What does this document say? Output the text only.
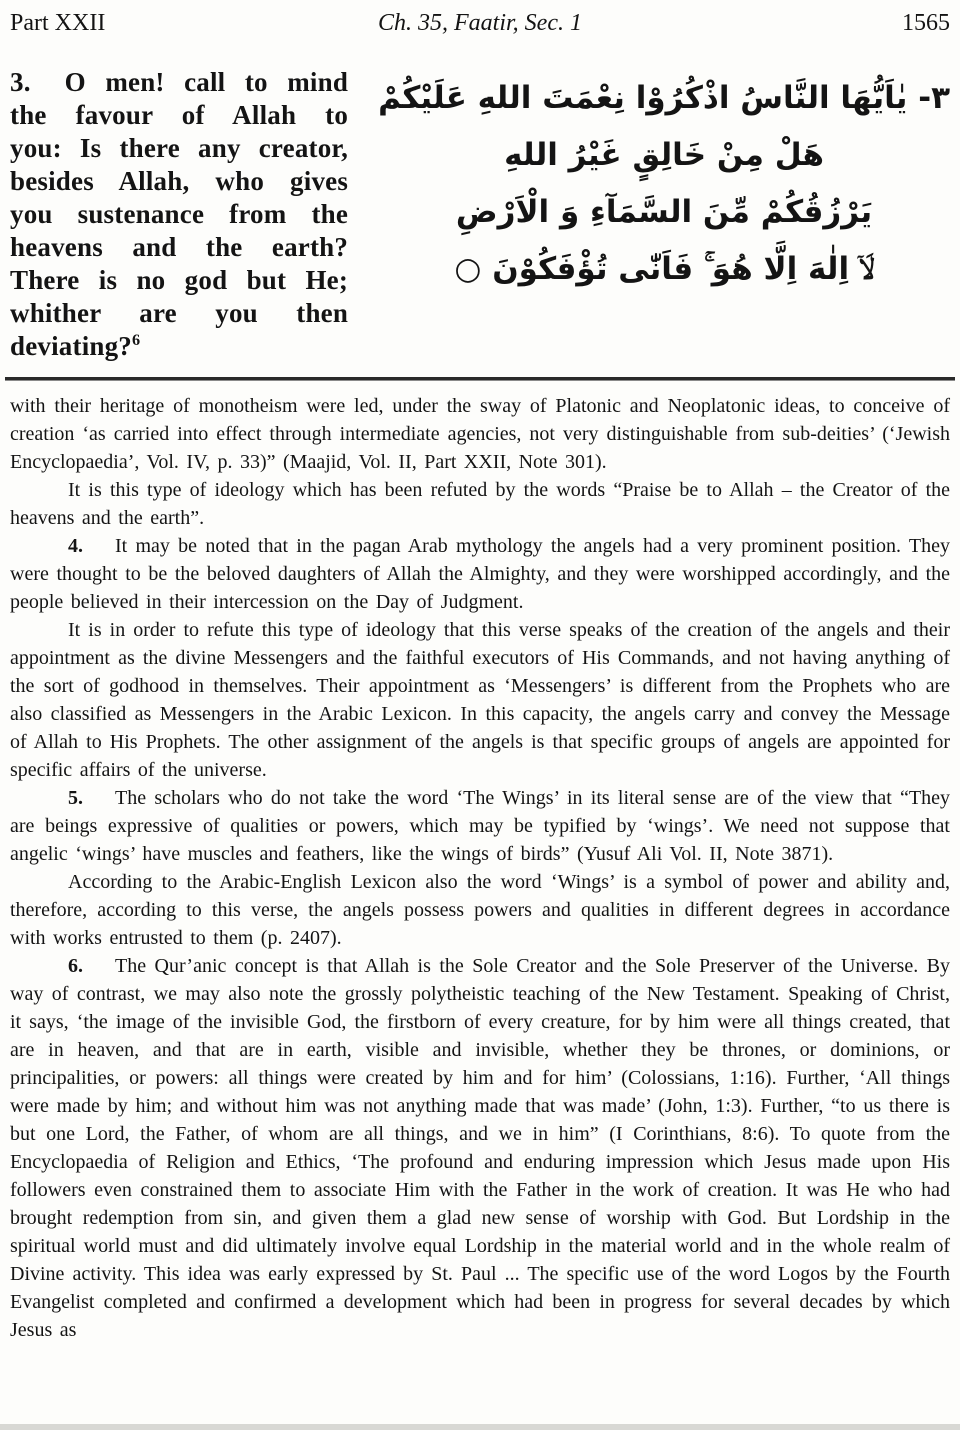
Part XXII	Ch. 35, Faatir, Sec. 1	1565
3. O men! call to mind the favour of Allah to you: Is there any creator, besides Allah, who gives you sustenance from the heavens and the earth? There is no god but He; whither are you then deviating?$^6$
٣- يٰاَيُّهَا النَّاسُ اذْكُرُوْا نِعْمَتَ اللهِ عَلَيْكُمْ
هَلْ مِنْ خَالِقٍ غَيْرُ اللهِ
يَرْزُقُكُمْ مِّنَ السَّمَآءِ وَ الْاَرْضِ
لَاۤ اِلٰهَ اِلَّا هُوَ ۚ فَاَنّٰى تُؤْفَكُوْنَ ○

with their heritage of monotheism were led, under the sway of Platonic and Neoplatonic ideas, to conceive of creation ‘as carried into effect through intermediate agencies, not very distinguishable from sub-deities’ (‘Jewish Encyclopaedia’, Vol. IV, p. 33)” (Maajid, Vol. II, Part XXII, Note 301).

It is this type of ideology which has been refuted by the words “Praise be to Allah – the Creator of the heavens and the earth”.

4. It may be noted that in the pagan Arab mythology the angels had a very prominent position. They were thought to be the beloved daughters of Allah the Almighty, and they were worshipped accordingly, and the people believed in their intercession on the Day of Judgment.

It is in order to refute this type of ideology that this verse speaks of the creation of the angels and their appointment as the divine Messengers and the faithful executors of His Commands, and not having anything of the sort of godhood in themselves. Their appointment as ‘Messengers’ is different from the Prophets who are also classified as Messengers in the Arabic Lexicon. In this capacity, the angels carry and convey the Message of Allah to His Prophets. The other assignment of the angels is that specific groups of angels are appointed for specific affairs of the universe.

5. The scholars who do not take the word ‘The Wings’ in its literal sense are of the view that “They are beings expressive of qualities or powers, which may be typified by ‘wings’. We need not suppose that angelic ‘wings’ have muscles and feathers, like the wings of birds” (Yusuf Ali Vol. II, Note 3871).

According to the Arabic-English Lexicon also the word ‘Wings’ is a symbol of power and ability and, therefore, according to this verse, the angels possess powers and qualities in different degrees in accordance with works entrusted to them (p. 2407).

6. The Qur’anic concept is that Allah is the Sole Creator and the Sole Preserver of the Universe. By way of contrast, we may also note the grossly polytheistic teaching of the New Testament. Speaking of Christ, it says, ‘the image of the invisible God, the firstborn of every creature, for by him were all things created, that are in heaven, and that are in earth, visible and invisible, whether they be thrones, or dominions, or principalities, or powers: all things were created by him and for him’ (Colossians, 1:16). Further, ‘All things were made by him; and without him was not anything made that was made’ (John, 1:3). Further, “to us there is but one Lord, the Father, of whom are all things, and we in him” (I Corinthians, 8:6). To quote from the Encyclopaedia of Religion and Ethics, ‘The profound and enduring impression which Jesus made upon His followers even constrained them to associate Him with the Father in the work of creation. It was He who had brought redemption from sin, and given them a glad new sense of worship with God. But Lordship in the spiritual world must and did ultimately involve equal Lordship in the material world and in the whole realm of Divine activity. This idea was early expressed by St. Paul ... The specific use of the word Logos by the Fourth Evangelist completed and confirmed a development which had been in progress for several decades by which Jesus as
